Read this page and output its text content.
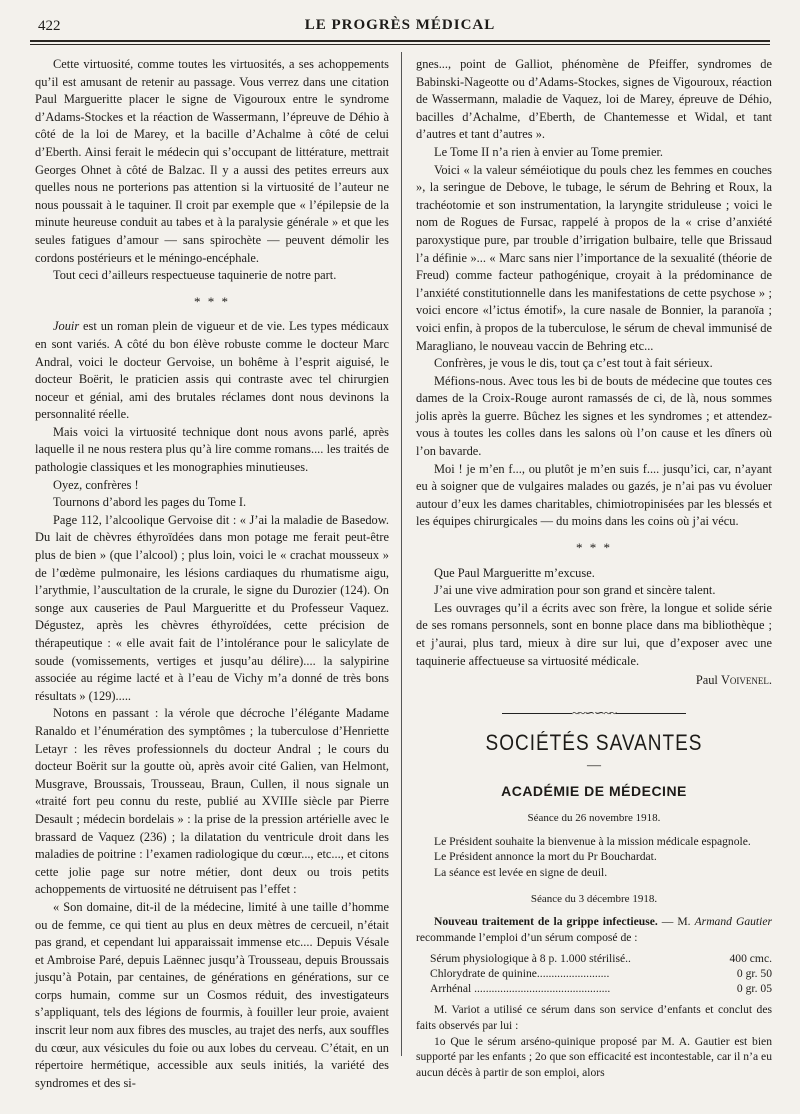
422	LE PROGRÈS MÉDICAL

Cette virtuosité, comme toutes les virtuosités, a ses achoppements qu’il est amusant de retenir au passage. Vous verrez dans une citation Paul Margueritte placer le signe de Vigouroux entre le syndrome d’Adams-Stockes et la réaction de Wassermann, l’épreuve de Déhio à côté de la loi de Marey, et la bacille d’Achalme à côté de celui d’Eberth. Ainsi ferait le médecin qui s’occupant de littérature, mettrait Georges Ohnet à côté de Balzac. Il y a aussi des petites erreurs aux quelles nous ne porterions pas attention si la virtuosité de l’auteur ne nous poussait à le taquiner. Il croit par exemple que « l’épilepsie de la minute heureuse conduit au tabes et à la paralysie générale » et que les seules fatigues d’amour — sans spirochète — peuvent démolir les cordons postérieurs et le méningo-encéphale.

Tout ceci d’ailleurs respectueuse taquinerie de notre part.

* * *

Jouir est un roman plein de vigueur et de vie. Les types médicaux en sont variés. A côté du bon élève robuste comme le docteur Marc Andral, voici le docteur Gervoise, un bohême à l’esprit aiguisé, le docteur Boërit, le praticien assis qui contraste avec tel chirurgien noceur et génial, ami des brutales réclames dont nous devinons la personnalité réelle.

Mais voici la virtuosité technique dont nous avons parlé, après laquelle il ne nous restera plus qu’à lire comme romans.... les traités de pathologie classiques et les monographies minutieuses.

Oyez, confrères !

Tournons d’abord les pages du Tome I.

Page 112, l’alcoolique Gervoise dit : « J’ai la maladie de Basedow. Du lait de chèvres éthyroïdées dans mon potage me ferait peut-être plus de bien » (que l’alcool) ; plus loin, voici le « crachat mousseux » de l’œdème pulmonaire, les lésions cardiaques du rhumatisme aigu, l’arythmie, l’auscultation de la crurale, le signe du Durozier (124). On songe aux causeries de Paul Margueritte et du Professeur Vaquez. Dégustez, après les chèvres éthyroïdées, cette précision de thérapeutique : « elle avait fait de l’intolérance pour le salicylate de soude (vomissements, vertiges et jusqu’au délire).... la salypirine associée au régime lacté et à l’eau de Vichy m’a donné de très bons résultats » (129).....

Notons en passant : la vérole que décroche l’élégante Madame Ranaldo et l’énumération des symptômes ; la tuberculose d’Henriette Letayr : les rêves professionnels du docteur Andral ; le cours du docteur Boërit sur la goutte où, après avoir cité Galien, van Helmont, Musgrave, Broussais, Trousseau, Braun, Cullen, il nous signale un «traité fort peu connu du reste, publié au XVIIIe siècle par Pierre Desault ; médecin bordelais » : la prise de la pression artérielle avec le brassard de Vaquez (236) ; la dilatation du ventricule droit dans les maladies de poitrine : l’examen radiologique du cœur..., etc..., et citons cette jolie page sur notre métier, dont deux ou trois petits achoppements de virtuosité ne détruisent pas l’effet :

« Son domaine, dit-il de la médecine, limité à une taille d’homme ou de femme, ce qui tient au plus en deux mètres de cercueil, n’était pas grand, et cependant lui apparaissait immense etc.... Depuis Vésale et Ambroise Paré, depuis Laënnec jusqu’à Trousseau, depuis Broussais jusqu’à Potain, par centaines, de générations en générations, sur ce corps humain, comme sur un Cosmos réduit, des investigateurs s’appliquant, tels des légions de fourmis, à fouiller leur proie, avaient inscrit leur nom aux fibres des muscles, au trajet des nerfs, aux souffles du cœur, aux vésicules du foie ou aux lobes du cerveau. C’était, en un répertoire hermétique, accessible aux seuls initiés, la variété des syndromes et des si-

gnes..., point de Galliot, phénomène de Pfeiffer, syndromes de Babinski-Nageotte ou d’Adams-Stockes, signes de Vigouroux, réaction de Wassermann, maladie de Vaquez, loi de Marey, épreuve de Déhio, bacilles d’Achalme, d’Eberth, de Chantemesse et Widal, et tant d’autres et tant d’autres ».

Le Tome II n’a rien à envier au Tome premier.

Voici « la valeur séméiotique du pouls chez les femmes en couches », la seringue de Debove, le tubage, le sérum de Behring et Roux, la trachéotomie et son instrumentation, la laryngite striduleuse ; voici le nom de Rogues de Fursac, rappelé à propos de la « crise d’anxiété paroxystique pure, par trouble d’irrigation bulbaire, telle que Brissaud l’a définie »... « Marc sans nier l’importance de la sexualité (théorie de Freud) comme facteur pathogénique, croyait à la prédominance de l’anxiété constitutionnelle dans les manifestations de cette psychose » ; voici encore «l’ictus émotif», la cure nasale de Bonnier, la paranoïa ; voici enfin, à propos de la tuberculose, le sérum de cheval immunisé de Maragliano, le nouveau vaccin de Behring etc...

Confrères, je vous le dis, tout ça c’est tout à fait sérieux.

Méfions-nous. Avec tous les bi de bouts de médecine que toutes ces dames de la Croix-Rouge auront ramassés de ci, de là, nous sommes jolis après la guerre. Bûchez les signes et les syndromes ; et attendez-vous à toutes les colles dans les salons où l’on cause et les dîners où l’on bavarde.

Moi ! je m’en f..., ou plutôt je m’en suis f.... jusqu’ici, car, n’ayant eu à soigner que de vulgaires malades ou gazés, je n’ai pas vu évoluer autour d’eux les dames charitables, chimiotropinisées par les blessés et les équipes chirurgicales — du moins dans les coins où j’ai vécu.

* * *

Que Paul Margueritte m’excuse.

J’ai une vive admiration pour son grand et sincère talent.

Les ouvrages qu’il a écrits avec son frère, la longue et solide série de ses romans personnels, sont en bonne place dans ma bibliothèque ; et j’aurai, plus tard, mieux à dire sur lui, que d’exposer avec une taquinerie affectueuse sa virtuosité médicale.

Paul Voivenel.
~~∽∽~~
SOCIÉTÉS SAVANTES
—
ACADÉMIE DE MÉDECINE
Séance du 26 novembre 1918.

Le Président souhaite la bienvenue à la mission médicale espagnole.

Le Président annonce la mort du Pr Bouchardat.

La séance est levée en signe de deuil.

Séance du 3 décembre 1918.

Nouveau traitement de la grippe infectieuse. — M. Armand Gautier recommande l’emploi d’un sérum composé de :

Sérum physiologique à 8 p. 1.000 stérilisé..	400 cmc.
Chlorydrate de quinine.........................	0 gr. 50
Arrhénal ...............................................	0 gr. 05

M. Variot a utilisé ce sérum dans son service d’enfants et conclut des faits observés par lui :

1o Que le sérum arséno-quinique proposé par M. A. Gautier est bien supporté par les enfants ; 2o que son efficacité est incontestable, car il n’a eu aucun décès à partir de son emploi, alors
